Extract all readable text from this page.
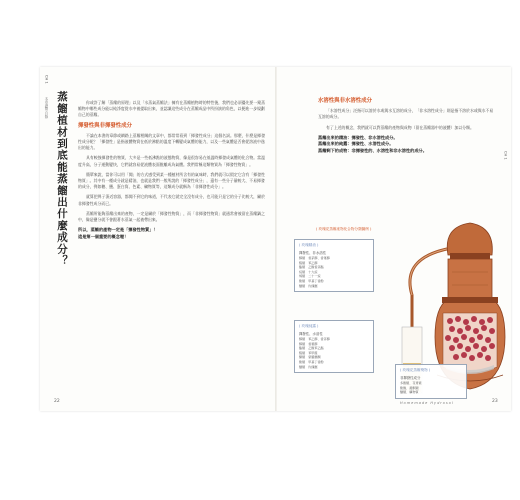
CH 1
本章總覽·目錄 蒸餾植材到底能蒸餾出什麼成分？	你或許了解「蒸餾的原理」以及「水蒸氣蒸餾法」擁有在蒸餾植物時的特性後，我們也必須優先要一窺蒸餾物中哪些成分能以純淨度從水中被提取出來，並認識這些成分在蒸餾成品中所扮演的角色，以便進一步規劃自己的蒸餾。

揮發性與非揮發性成分

不論在本書的章節或網路上蒸餾相關的文章中，都常常看到「揮發性成分」這個名詞。那麼，什麼是揮發性成分呢？「揮發性」是指液體物質在低於沸點的溫度下轉變成氣體的能力，以及一些氣體是否會從溶液中逸出的能力。

具有較強揮發性的物質，大多是一些低沸點的液態物質，像是很容易在低溫時揮發成氣體的化合物。當溫度升高，分子運動變快，它們就容易從液體表面脫離成為氣體。我們常稱這類物質為「揮發性物質」。

簡單來說，當你可以用「聞」的方式感受到某一種植材所含有的氣味時，我們就可以假定它含有「揮發性物質」。其中有一種成分就是精油，也就是我們一般所說的「揮發性成分」，還有一些分子量較大、不易揮發的成分，例如糖、鹽、蛋白質、色素、礦物質等，這類成分就稱為「非揮發性成分」。

就算把鼻子湊近容器，都聞不到它的味道，不代表它就完全沒有成分，也可能只是它的分子比較大，屬於非揮發性成分而已。

蒸餾所能夠蒸餾出來的產物，一定是屬於「揮發性物質」，而「非揮發性物質」就通常會被留在蒸餾鍋之中，像是鹽分就不會跟著水蒸氣一起被帶出來。

所以，蒸餾的產物一定是「揮發性物質」！
這是第一個重要的概念喔！
22
水溶性與非水溶性成分

「水溶性成分」泛指可以溶於水或與水互溶的成分，「非水溶性成分」則是指不溶於水或與水不易互溶的成分。

有了上述的概念，我們就可以對蒸餾的產物與成物（留在蒸餾器中的液體）加以分類。

蒸餾出來的精油：揮發性、非水溶性成分。
蒸餾出來的純露：揮發性、水溶性成分。
蒸餾剩下的成物：非揮發性的、水溶性和非水溶性的成分。
CH 1
( 玫瑰花蒸餾產物化合物分類圖例 )
( 玫瑰精油 )
揮發性、非水溶性
醇類	香茅醇、香葉醇
醛類	苯乙醇
酯類	乙酸香茅酯
烷類	十九烷
烯類	二十一烷
酚類	甲基丁香酚
醚類	玫瑰醚
( 玫瑰純露 )
揮發性、水溶性
醇類	苯乙醇、香茅醇
醇類	香葉醇
酯類	乙酸苯乙酯
醛類	苯甲醛
酮類	紫羅蘭酮
酚類	甲基丁香酚
醚類	玫瑰醚
( 玫瑰花蒸餾殘物 )
非揮發性成分
多酚類、花青素
酚酸、黃酮類
醣類、礦物質
Homemade Hydrosol	23
